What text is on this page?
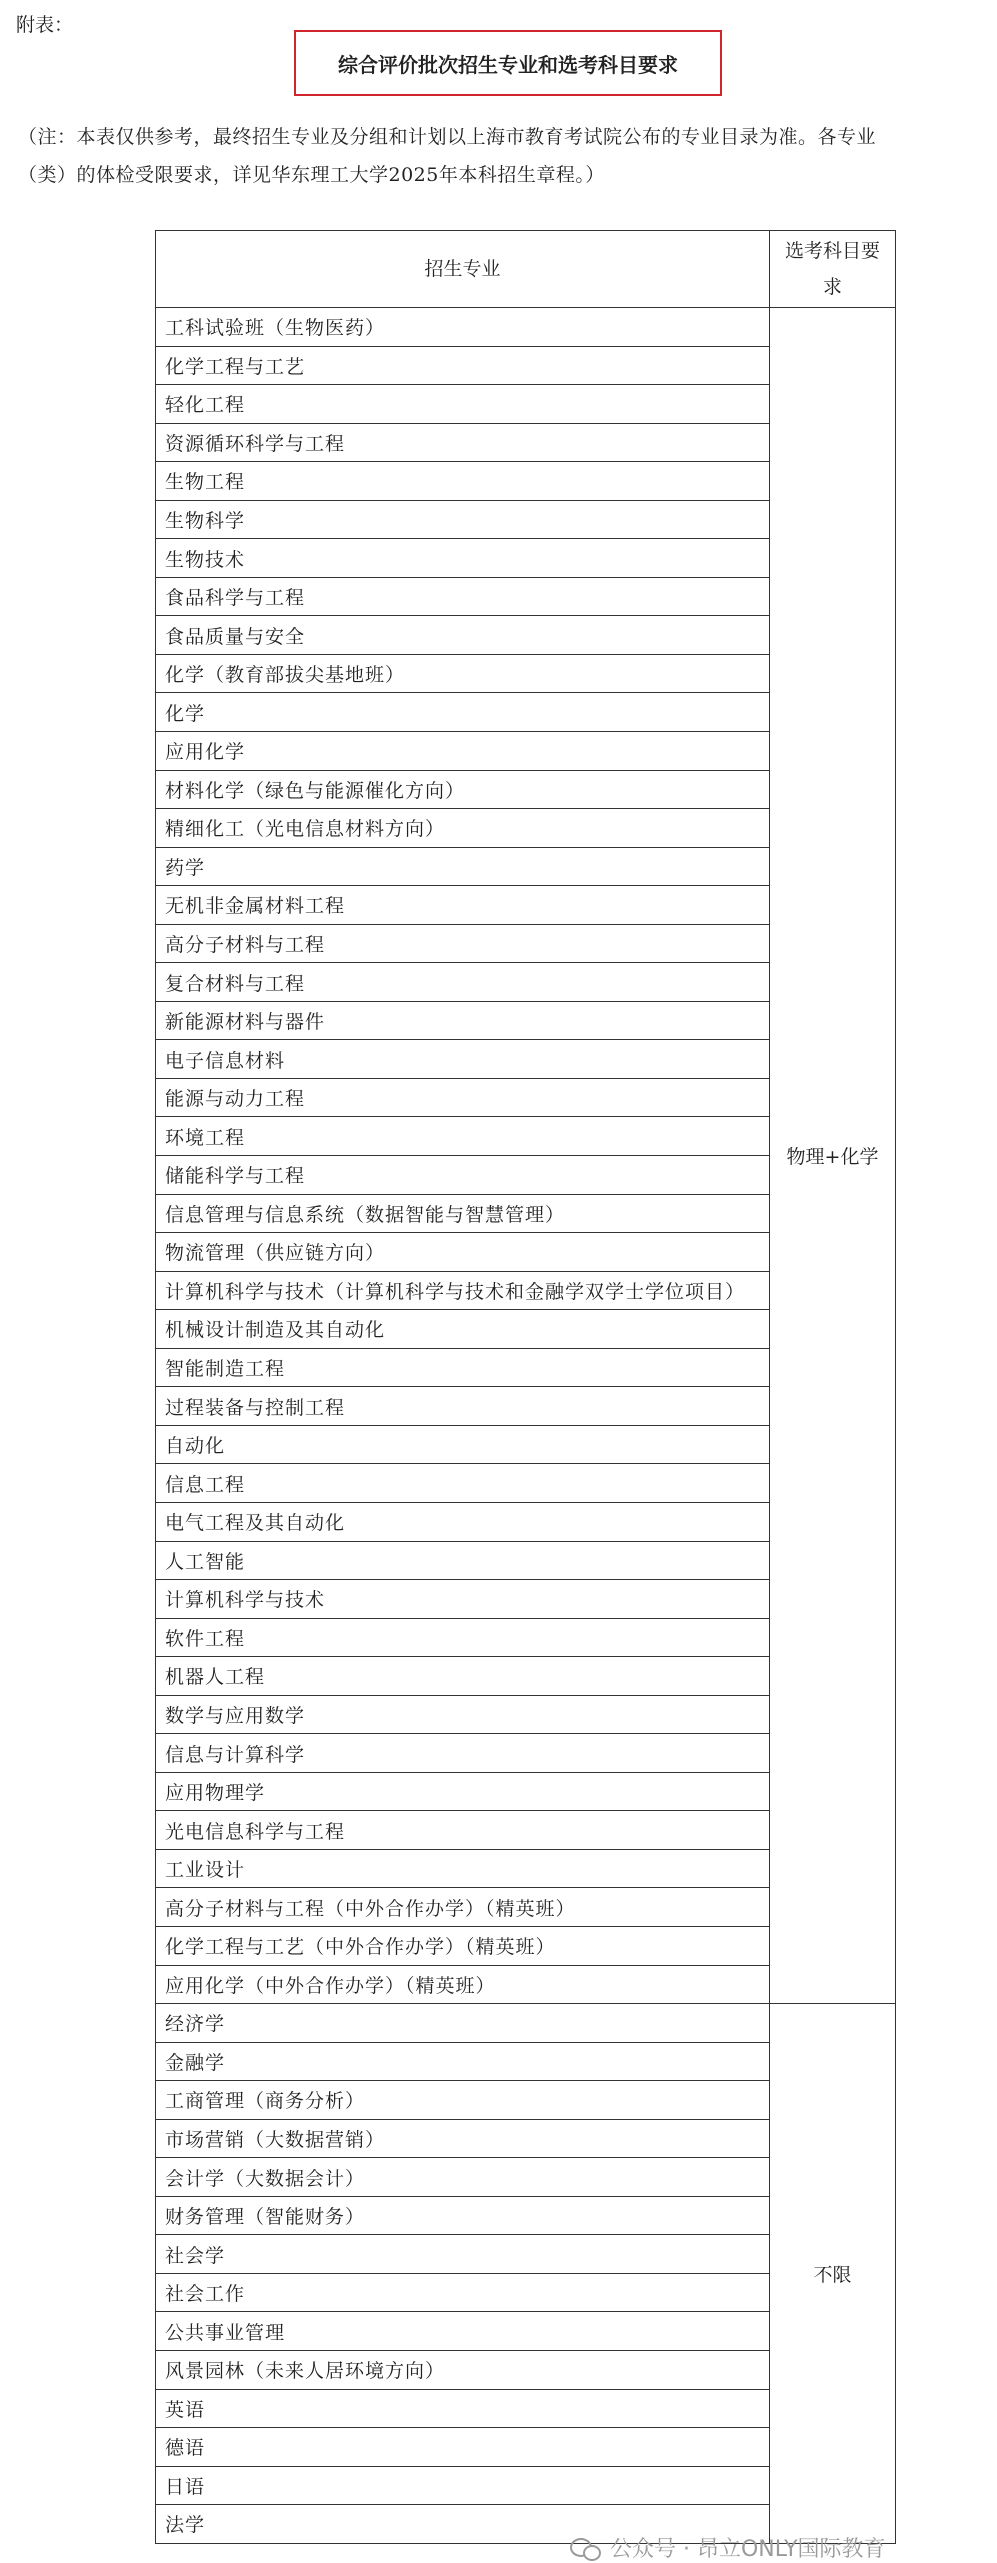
附表：
综合评价批次招生专业和选考科目要求
（注：本表仅供参考，最终招生专业及分组和计划以上海市教育考试院公布的专业目录为准。各专业
（类）的体检受限要求，详见华东理工大学2025年本科招生章程。）
招生专业	选考科目要
求

工科试验班（生物医药）	物理+化学
化学工程与工艺	
轻化工程	
资源循环科学与工程	
生物工程	
生物科学	
生物技术	
食品科学与工程	
食品质量与安全	
化学（教育部拔尖基地班）	
化学	
应用化学	
材料化学（绿色与能源催化方向）	
精细化工（光电信息材料方向）	
药学	
无机非金属材料工程	
高分子材料与工程	
复合材料与工程	
新能源材料与器件	
电子信息材料	
能源与动力工程	
环境工程	
储能科学与工程	
信息管理与信息系统（数据智能与智慧管理）	
物流管理（供应链方向）	
计算机科学与技术（计算机科学与技术和金融学双学士学位项目）	
机械设计制造及其自动化	
智能制造工程	
过程装备与控制工程	
自动化	
信息工程	
电气工程及其自动化	
人工智能	
计算机科学与技术	
软件工程	
机器人工程	
数学与应用数学	
信息与计算科学	
应用物理学	
光电信息科学与工程	
工业设计	
高分子材料与工程（中外合作办学）（精英班）	
化学工程与工艺（中外合作办学）（精英班）	
应用化学（中外合作办学）（精英班）	
经济学	不限
金融学	
工商管理（商务分析）	
市场营销（大数据营销）	
会计学（大数据会计）	
财务管理（智能财务）	
社会学	
社会工作	
公共事业管理	
风景园林（未来人居环境方向）	
英语	
德语	
日语	
法学	
公众号 · 昂立ONLY国际教育
